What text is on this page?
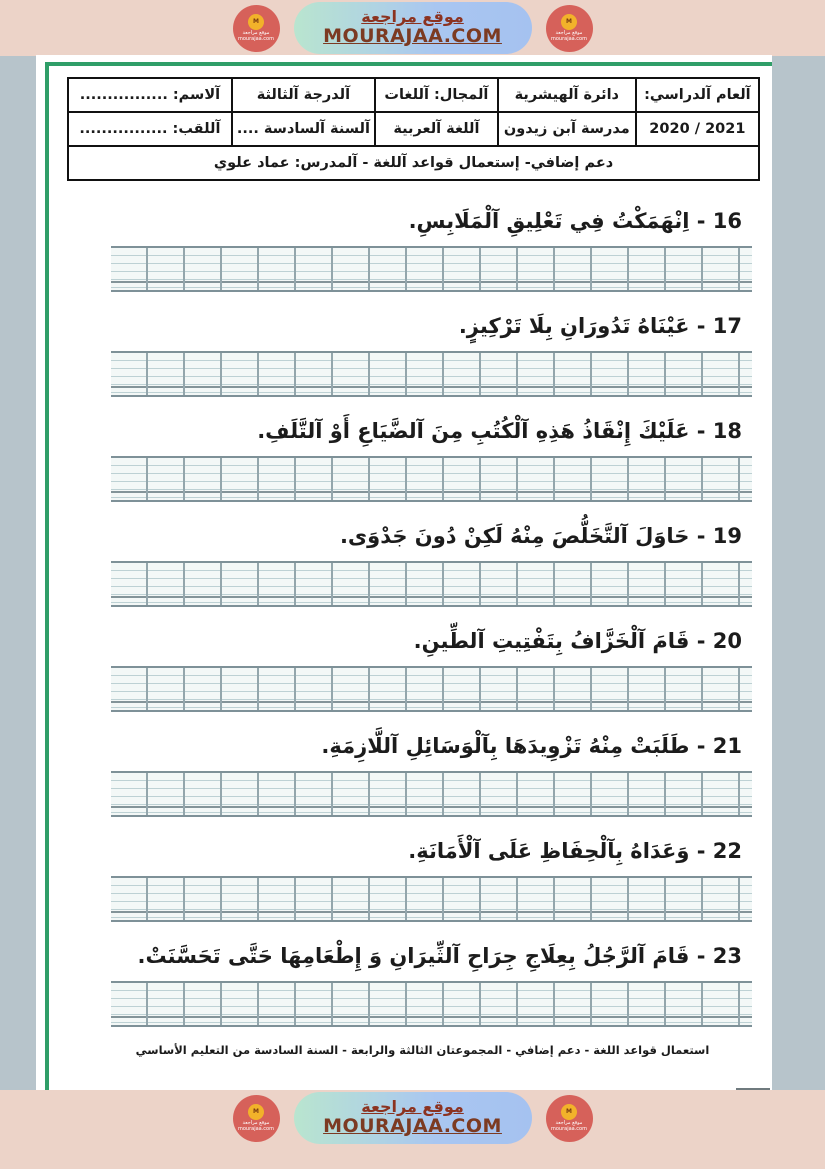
M
موقع مراجعة
mourajaa.com
موقع مراجعة
MOURAJAA.COM
M
موقع مراجعة
mourajaa.com
آلعام آلدراسي:	دائرة آلهيشرية	آلمجال: آللغات	آلدرجة آلثالثة	آلاسم: ................
2021 / 2020	مدرسة آبن زيدون	آللغة آلعربية	آلسنة آلسادسة ....	آللقب: ................
دعم إضافي- إستعمال قواعد آللغة - آلمدرس: عماد علوي				
16 - اِنْهَمَكْتُ فِي تَعْلِيقِ آلْمَلَابِسِ.
17 - عَيْنَاهُ تَدُورَانِ بِلَا تَرْكِيزٍ.
18 - عَلَيْكَ إِنْقَاذُ هَذِهِ آلْكُتُبِ مِنَ آلضَّيَاعِ أَوْ آلتَّلَفِ.
19 - حَاوَلَ آلتَّخَلُّصَ مِنْهُ لَكِنْ دُونَ جَدْوَى.
20 - قَامَ آلْخَزَّافُ بِتَفْتِيتِ آلطِّينِ.
21 - طَلَبَتْ مِنْهُ تَزْوِيدَهَا بِآلْوَسَائِلِ آللَّازِمَةِ.
22 - وَعَدَاهُ بِآلْحِفَاظِ عَلَى آلْأَمَانَةِ.
23 - قَامَ آلرَّجُلُ بِعِلَاجِ جِرَاحِ آلثِّيرَانِ وَ إِطْعَامِهَا حَتَّى تَحَسَّنَتْ.
استعمال قواعد اللغة - دعم إضافي - المجموعتان الثالثة والرابعة - السنة السادسة من التعليم الأساسي
M
موقع مراجعة
mourajaa.com
موقع مراجعة
MOURAJAA.COM
M
موقع مراجعة
mourajaa.com
